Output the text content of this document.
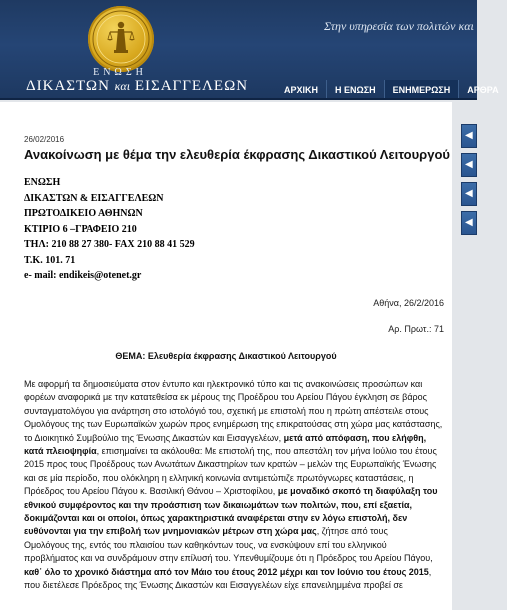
ΕΝΩΣΗ
ΔΙΚΑΣΤΩΝ και ΕΙΣΑΓΓΕΛΕΩΝ
Στην υπηρεσία των πολιτών και
ΑΡΧΙΚΗ	Η ΕΝΩΣΗ	ΕΝΗΜΕΡΩΣΗ	ΑΡΘΡΑ
26/02/2016
Ανακοίνωση με θέμα την ελευθερία έκφρασης Δικαστικού Λειτουργού
ΕΝΩΣΗ
ΔΙΚΑΣΤΩΝ & ΕΙΣΑΓΓΕΛΕΩΝ
ΠΡΩΤΟΔΙΚΕΙΟ ΑΘΗΝΩΝ
ΚΤΙΡΙΟ 6 –ΓΡΑΦΕΙΟ 210
ΤΗΛ: 210 88 27 380- FAX 210 88 41 529
Τ.Κ. 101. 71
e- mail: endikeis@otenet.gr
Αθήνα, 26/2/2016
Αρ. Πρωτ.: 71
ΘΕΜΑ: Ελευθερία έκφρασης Δικαστικού Λειτουργού
Με αφορμή τα δημοσιεύματα στον έντυπο και ηλεκτρονικό τύπο και τις ανακοινώσεις προσώπων και
φορέων αναφορικά με την κατατεθείσα εκ μέρους της Προέδρου του Αρείου Πάγου έγκληση σε βάρος
συνταγματολόγου για ανάρτηση στο ιστολόγιό του, σχετική με επιστολή που η πρώτη απέστειλε στους
Ομολόγους της των Ευρωπαϊκών χωρών προς ενημέρωση της επικρατούσας στη χώρα μας κατάστασης,
το Διοικητικό Συμβούλιο της Ένωσης Δικαστών και Εισαγγελέων, μετά από απόφαση, που ελήφθη,
κατά πλειοψηφία, επισημαίνει τα ακόλουθα: Με επιστολή της, που απεστάλη τον μήνα Ιούλιο του έτους
2015 προς τους Προέδρους των Ανωτάτων Δικαστηρίων των κρατών – μελών της Ευρωπαϊκής Ένωσης
και σε μία περίοδο, που ολόκληρη η ελληνική κοινωνία αντιμετώπιζε πρωτόγνωρες καταστάσεις, η
Πρόεδρος του Αρείου Πάγου κ. Βασιλική Θάνου – Χριστοφίλου, με μοναδικό σκοπό τη διαφύλαξη του
εθνικού συμφέροντος και την προάσπιση των δικαιωμάτων των πολιτών, που, επί εξαετία,
δοκιμάζονται και οι οποίοι, όπως χαρακτηριστικά αναφέρεται στην εν λόγω επιστολή, δεν
ευθύνονται για την επιβολή των μνημονιακών μέτρων στη χώρα μας, ζήτησε από τους
Ομολόγους της, εντός του πλαισίου των καθηκόντων τους, να ενσκύψουν επί του ελληνικού
προβλήματος και να συνδράμουν στην επίλυσή του. Υπενθυμίζουμε ότι η Πρόεδρος του Αρείου Πάγου,
καθ᾽ όλο το χρονικό διάστημα από τον Μάιο του έτους 2012 μέχρι και τον Ιούνιο του έτους 2015,
που διετέλεσε Πρόεδρος της Ένωσης Δικαστών και Εισαγγελέων είχε επανειλημμένα προβεί σε
◀
◀
◀
◀
